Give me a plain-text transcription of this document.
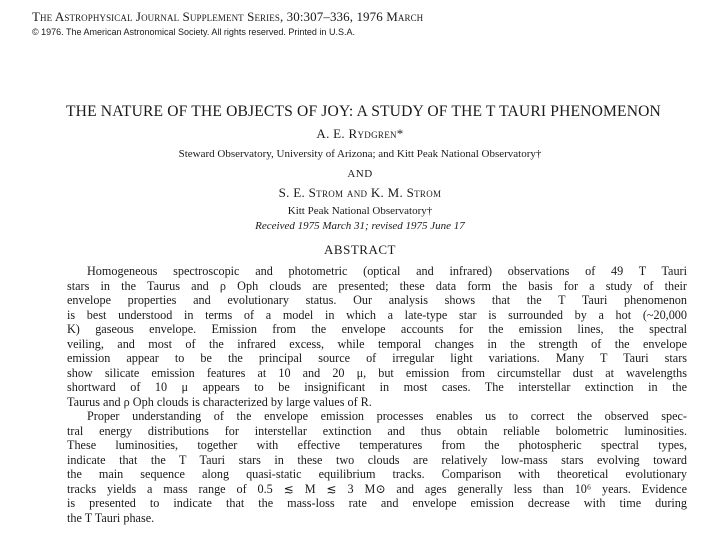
The Astrophysical Journal Supplement Series, 30:307–336, 1976 March
© 1976. The American Astronomical Society. All rights reserved. Printed in U.S.A.
THE NATURE OF THE OBJECTS OF JOY: A STUDY OF THE T TAURI PHENOMENON
A. E. Rydgren*
Steward Observatory, University of Arizona; and Kitt Peak National Observatory†
AND
S. E. Strom and K. M. Strom
Kitt Peak National Observatory†
Received 1975 March 31; revised 1975 June 17
ABSTRACT
Homogeneous spectroscopic and photometric (optical and infrared) observations of 49 T Tauri
stars in the Taurus and ρ Oph clouds are presented; these data form the basis for a study of their
envelope properties and evolutionary status. Our analysis shows that the T Tauri phenomenon
is best understood in terms of a model in which a late-type star is surrounded by a hot (~20,000
K) gaseous envelope. Emission from the envelope accounts for the emission lines, the spectral
veiling, and most of the infrared excess, while temporal changes in the strength of the envelope
emission appear to be the principal source of irregular light variations. Many T Tauri stars
show silicate emission features at 10 and 20 μ, but emission from circumstellar dust at wavelengths
shortward of 10 μ appears to be insignificant in most cases. The interstellar extinction in the
Taurus and ρ Oph clouds is characterized by large values of R.
Proper understanding of the envelope emission processes enables us to correct the observed spec-
tral energy distributions for interstellar extinction and thus obtain reliable bolometric luminosities.
These luminosities, together with effective temperatures from the photospheric spectral types,
indicate that the T Tauri stars in these two clouds are relatively low-mass stars evolving toward
the main sequence along quasi-static equilibrium tracks. Comparison with theoretical evolutionary
tracks yields a mass range of 0.5 ≲ M ≲ 3 M⊙ and ages generally less than 10⁶ years. Evidence
is presented to indicate that the mass-loss rate and envelope emission decrease with time during
the T Tauri phase.
